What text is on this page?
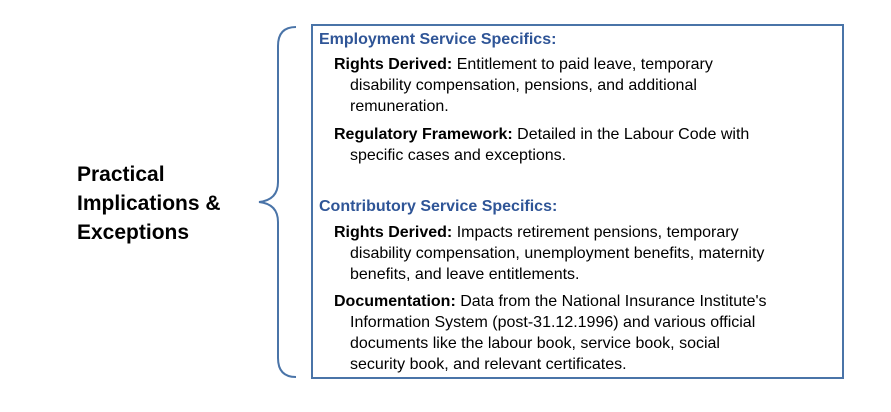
Practical
Implications &
Exceptions
Employment Service Specifics:
Rights Derived: Entitlement to paid leave, temporary
disability compensation, pensions, and additional
remuneration.
Regulatory Framework: Detailed in the Labour Code with
specific cases and exceptions.
Contributory Service Specifics:
Rights Derived: Impacts retirement pensions, temporary
disability compensation, unemployment benefits, maternity
benefits, and leave entitlements.
Documentation: Data from the National Insurance Institute's
Information System (post-31.12.1996) and various official
documents like the labour book, service book, social
security book, and relevant certificates.
